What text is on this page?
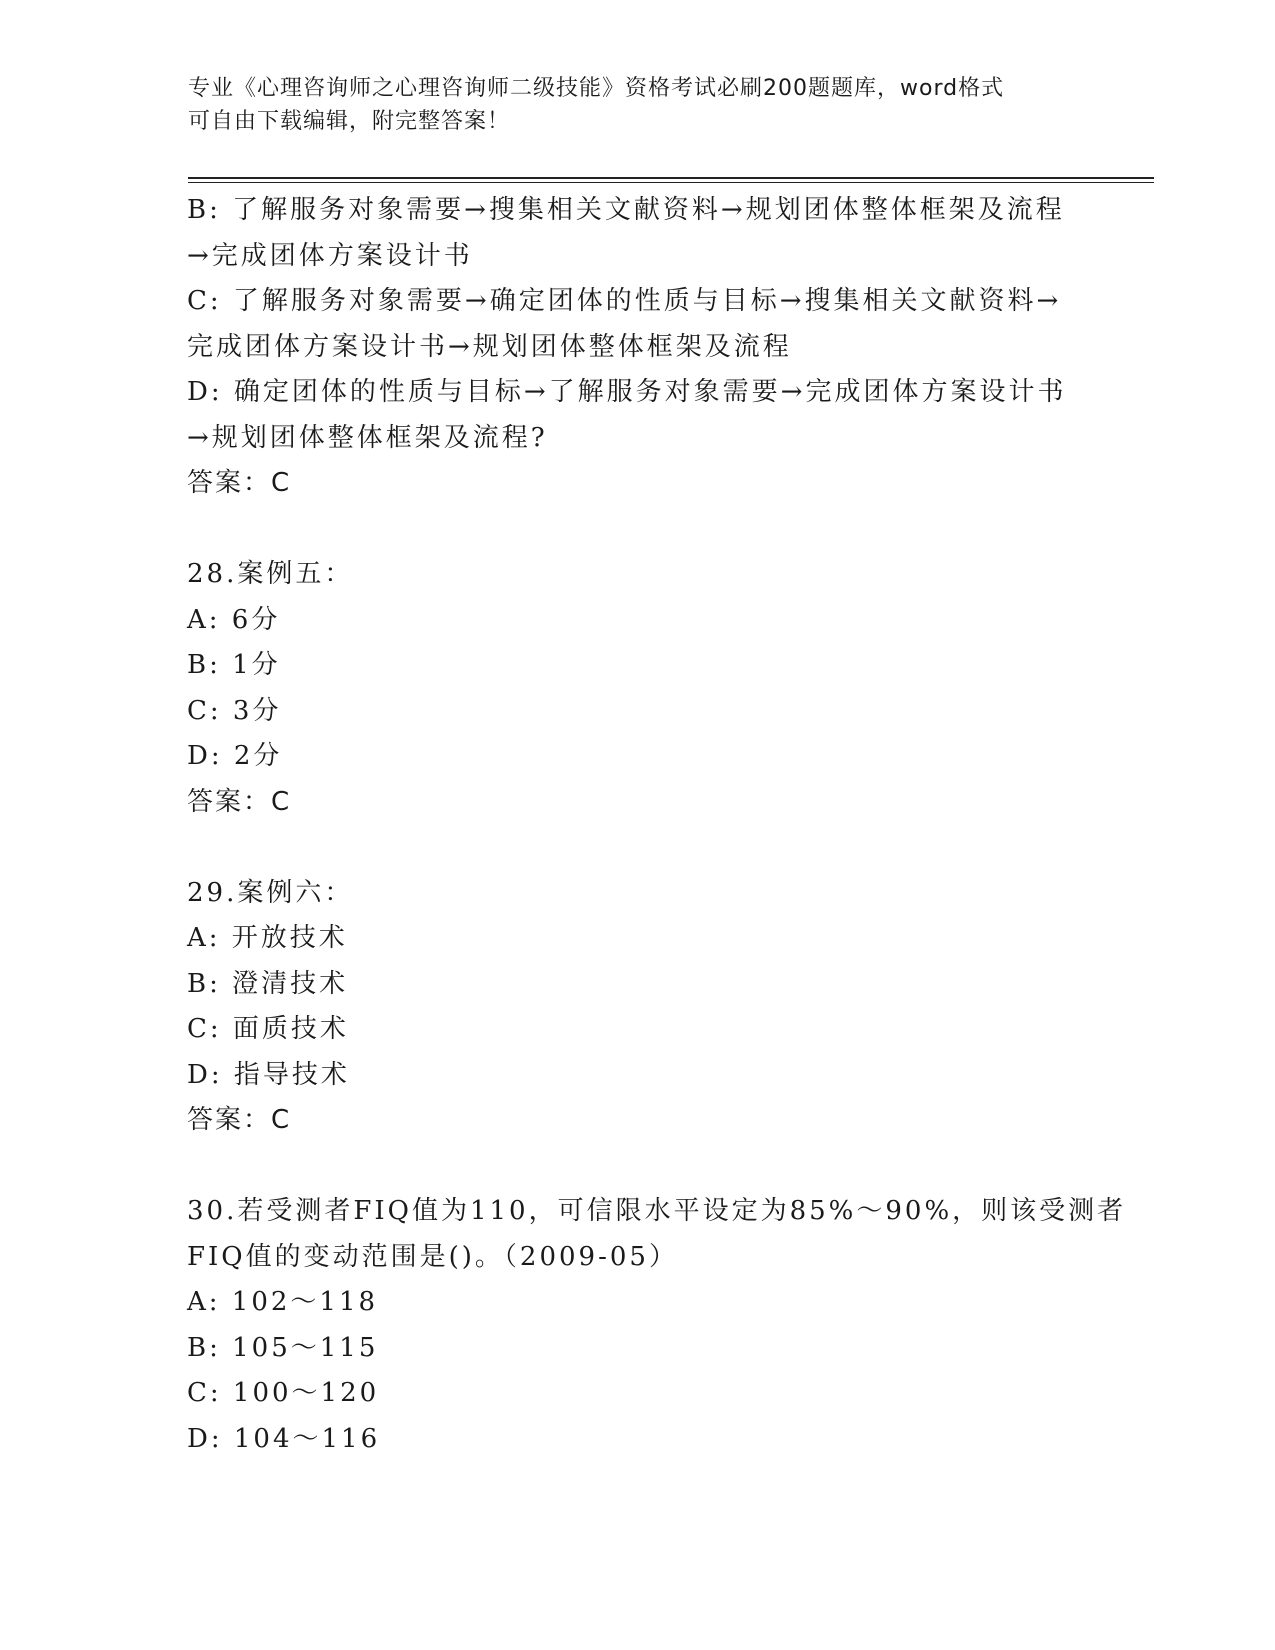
专业《心理咨询师之心理咨询师二级技能》资格考试必刷200题题库，word格式
可自由下载编辑，附完整答案！
B: 了解服务对象需要→搜集相关文献资料→规划团体整体框架及流程
→完成团体方案设计书
C: 了解服务对象需要→确定团体的性质与目标→搜集相关文献资料→
完成团体方案设计书→规划团体整体框架及流程
D: 确定团体的性质与目标→了解服务对象需要→完成团体方案设计书
→规划团体整体框架及流程?
答案：C
28.案例五：
A: 6分
B: 1分
C: 3分
D: 2分
答案：C
29.案例六：
A: 开放技术
B: 澄清技术
C: 面质技术
D: 指导技术
答案：C
30.若受测者FIQ值为110，可信限水平设定为85%～90%，则该受测者
FIQ值的变动范围是()。（2009-05）
A: 102～118
B: 105～115
C: 100～120
D: 104～116
